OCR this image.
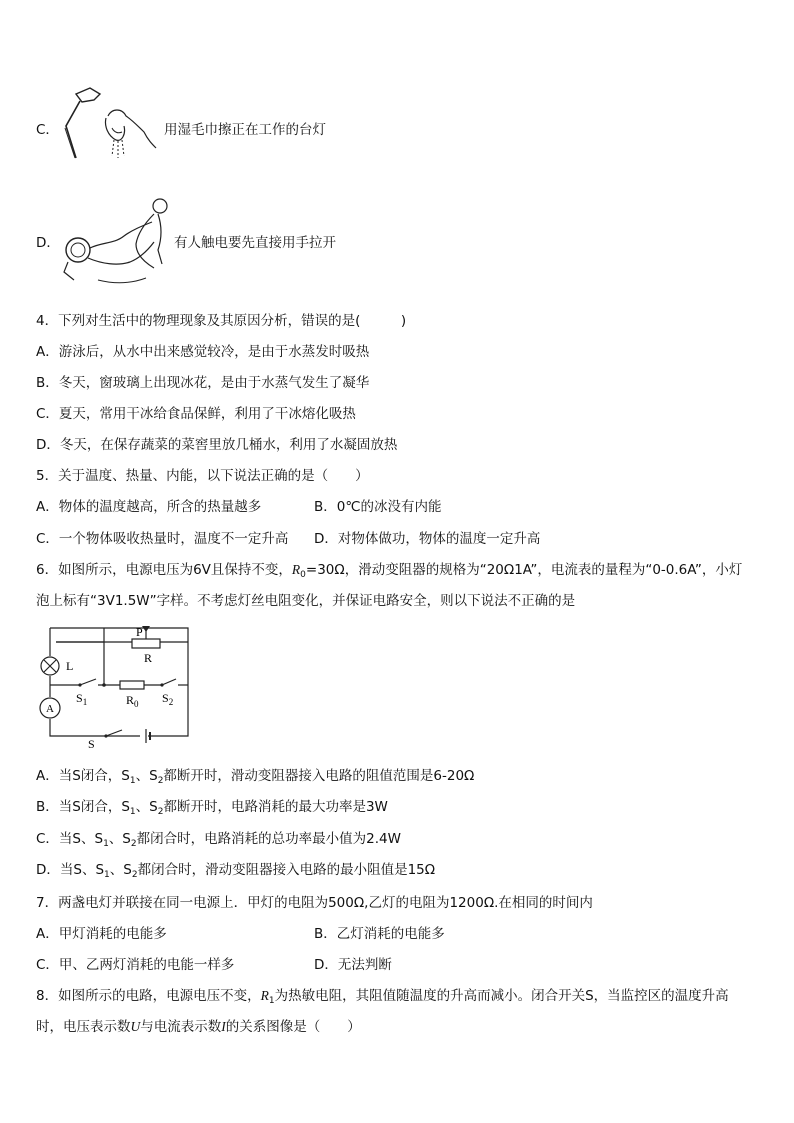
C．	用湿毛巾擦正在工作的台灯
D．	有人触电要先直接用手拉开
4．下列对生活中的物理现象及其原因分析，错误的是(　　　)
A．游泳后，从水中出来感觉较冷，是由于水蒸发时吸热
B．冬天，窗玻璃上出现冰花，是由于水蒸气发生了凝华
C．夏天，常用干冰给食品保鲜，利用了干冰熔化吸热
D．冬天，在保存蔬菜的菜窖里放几桶水，利用了水凝固放热
5．关于温度、热量、内能，以下说法正确的是（　　）
A．物体的温度越高，所含的热量越多	B．0℃的冰没有内能
C．一个物体吸收热量时，温度不一定升高 D．对物体做功，物体的温度一定升高
6．如图所示，电源电压为6V且保持不变，$R_0=30\Omega$，滑动变阻器的规格为“20Ω1A”，电流表的量程为“0-0.6A”，小灯
泡上标有“3V1.5W”字样。不考虑灯丝电阻变化，并保证电路安全，则以下说法不正确的是
P
R
L
A
$S_1$	$R_0$ $S_2$
S
A．当S闭合，$S_1$、$S_2$都断开时，滑动变阻器接入电路的阻值范围是6-20Ω
B．当S闭合，$S_1$、$S_2$都断开时，电路消耗的最大功率是3W
C．当S、$S_1$、$S_2$都闭合时，电路消耗的总功率最小值为2.4W
D．当S、$S_1$、$S_2$都闭合时，滑动变阻器接入电路的最小阻值是15Ω
7．两盏电灯并联接在同一电源上．甲灯的电阻为500Ω,乙灯的电阻为1200Ω.在相同的时间内
A．甲灯消耗的电能多	B．乙灯消耗的电能多
C．甲、乙两灯消耗的电能一样多	D．无法判断
8．如图所示的电路，电源电压不变，$R_1$为热敏电阻，其阻值随温度的升高而减小。闭合开关S，当监控区的温度升高
时，电压表示数U与电流表示数I的关系图像是（　　）
